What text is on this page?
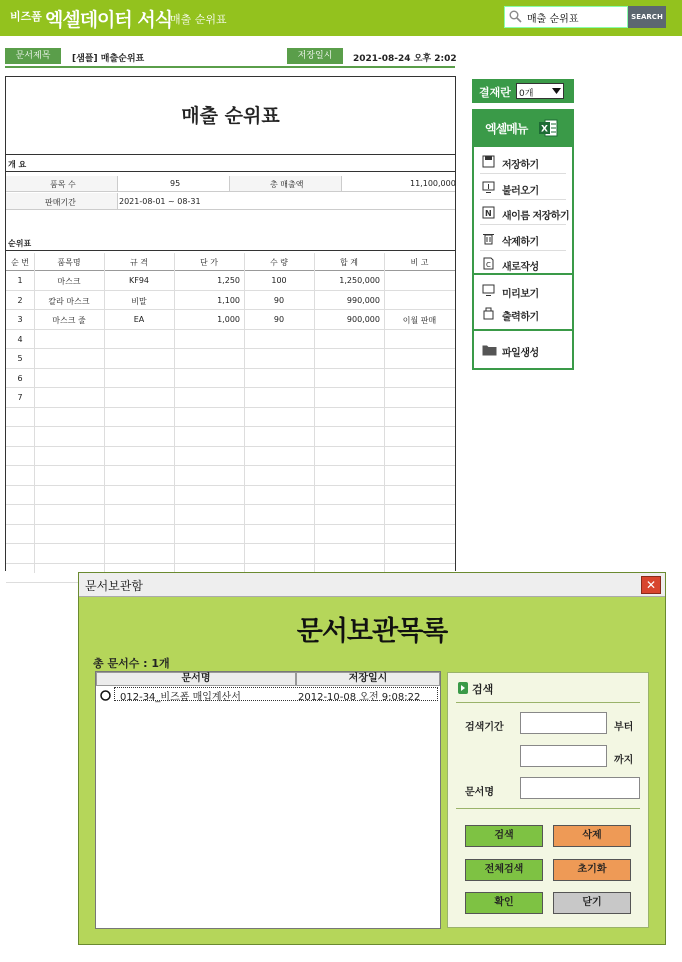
비즈폼 엑셀데이터 서식
매출 순위표
매출 순위표	SEARCH
문서제목	[샘플] 매출순위표	저장일시	2021-08-24 오후 2:02
매출 순위표
개 요
품목 수	95	총 매출액	11,100,000
판매기간	2021-08-01 ~ 08-31
순위표
순 번	품목명	규 격	단 가	수 량	합 계	비 고
1	마스크	KF94	1,250	100	1,250,000
2	칼라 마스크	비말	1,100	90	990,000
3	마스크 줄	EA	1,000	90	900,000	이월 판매
4
5
6
7
결재란 0개
엑셀메뉴 X
저장하기
불러오기
N 새이름 저장하기
삭제하기
C 새로작성
미리보기
출력하기
파일생성
문서보관함	✕
문서보관목록
총 문서수 : 1개
문서명	저장일시
012-34_비즈폼 매입계산서	2012-10-08 오전 9:08:22
검색
검색기간	부터
까지
문서명
검색	삭제
전체검색	초기화
확인	닫기
